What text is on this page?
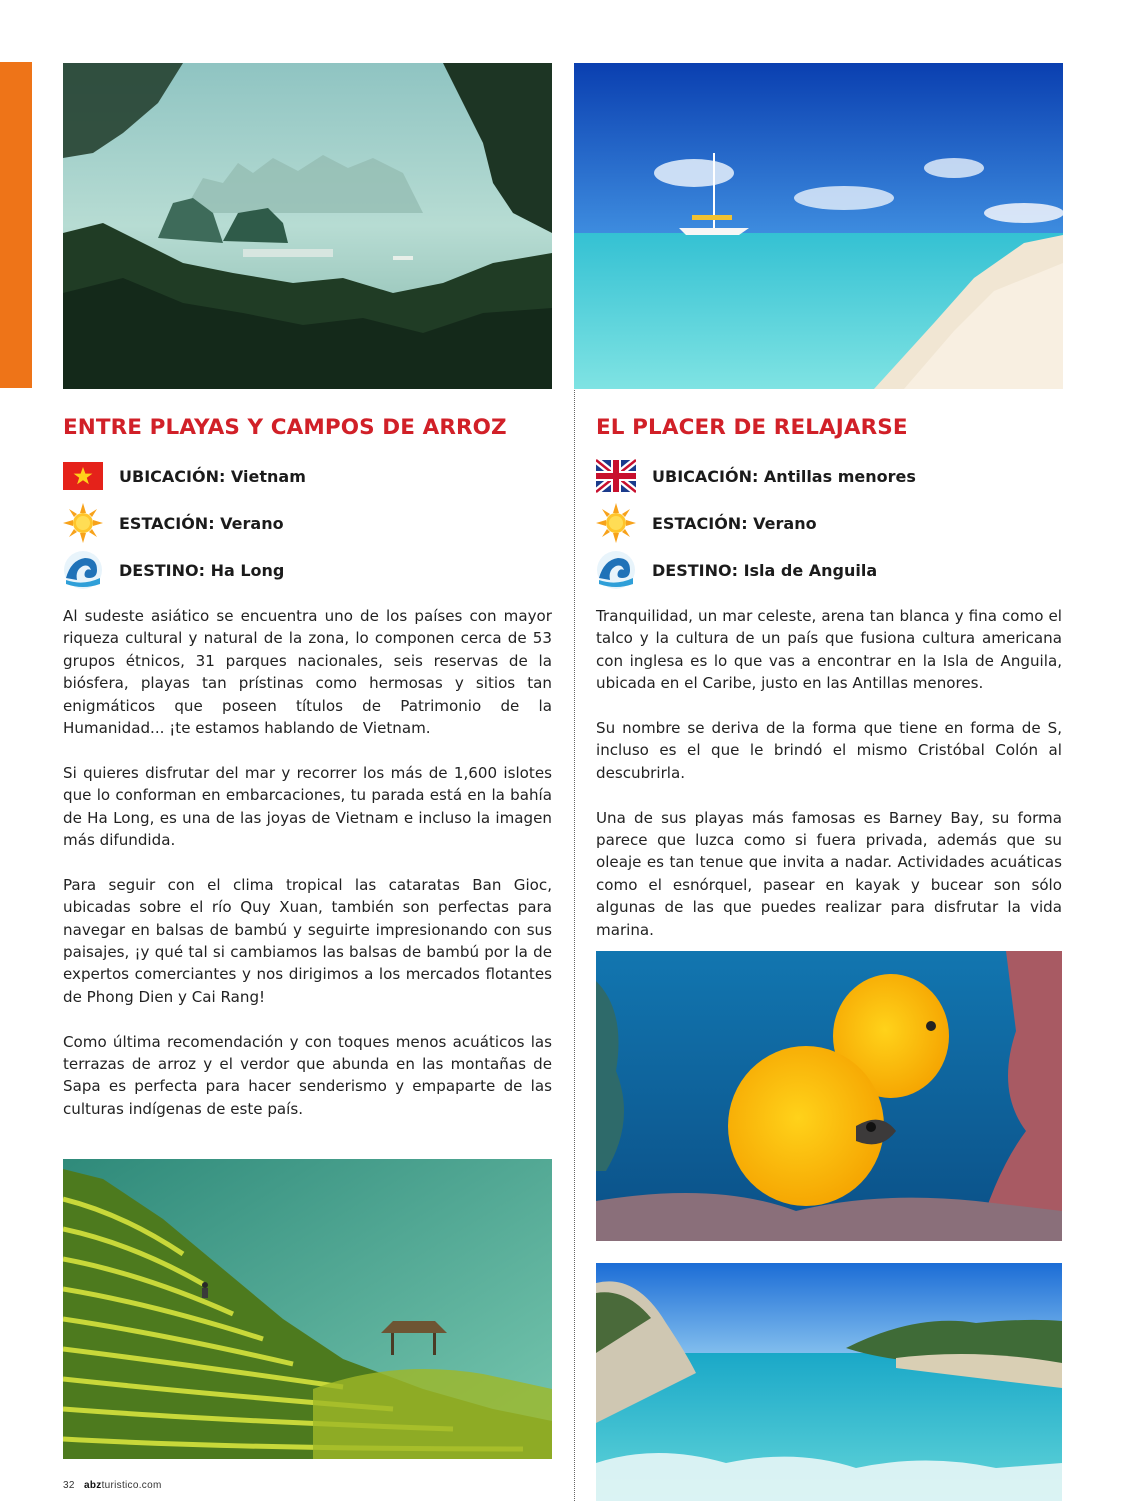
ENTRE PLAYAS Y CAMPOS DE ARROZ
UBICACIÓN: Vietnam
ESTACIÓN: Verano
DESTINO: Ha Long

Al sudeste asiático se encuentra uno de los países con mayor riqueza cultural y natural de la zona, lo componen cerca de 53 grupos étnicos, 31 parques nacionales, seis reservas de la biósfera, playas tan prístinas como hermosas y sitios tan enigmáticos que poseen títulos de Patrimonio de la Humanidad... ¡te estamos hablando de Vietnam.

Si quieres disfrutar del mar y recorrer los más de 1,600 islotes que lo conforman en embarcaciones, tu parada está en la bahía de Ha Long, es una de las joyas de Vietnam e incluso la imagen más difundida.

Para seguir con el clima tropical las cataratas Ban Gioc, ubicadas sobre el río Quy Xuan, también son perfectas para navegar en balsas de bambú y seguirte impresionando con sus paisajes, ¡y qué tal si cambiamos las balsas de bambú por la de expertos comerciantes y nos dirigimos a los mercados flotantes de Phong Dien y Cai Rang!

Como última recomendación y con toques menos acuáticos las terrazas de arroz y el verdor que abunda en las montañas de Sapa es perfecta para hacer senderismo y empaparte de las culturas indígenas de este país.

EL PLACER DE RELAJARSE
UBICACIÓN: Antillas menores
ESTACIÓN: Verano
DESTINO: Isla de Anguila

Tranquilidad, un mar celeste, arena tan blanca y fina como el talco y la cultura de un país que fusiona cultura americana con inglesa es lo que vas a encontrar en la Isla de Anguila, ubicada en el Caribe, justo en las Antillas menores.

Su nombre se deriva de la forma que tiene en forma de S, incluso es el que le brindó el mismo Cristóbal Colón al descubrirla.

Una de sus playas más famosas es Barney Bay, su forma parece que luzca como si fuera privada, además que su oleaje es tan tenue que invita a nadar. Actividades acuáticas como el esnórquel, pasear en kayak y bucear son sólo algunas de las que puedes realizar para disfrutar la vida marina.

32 abzturistico.com
